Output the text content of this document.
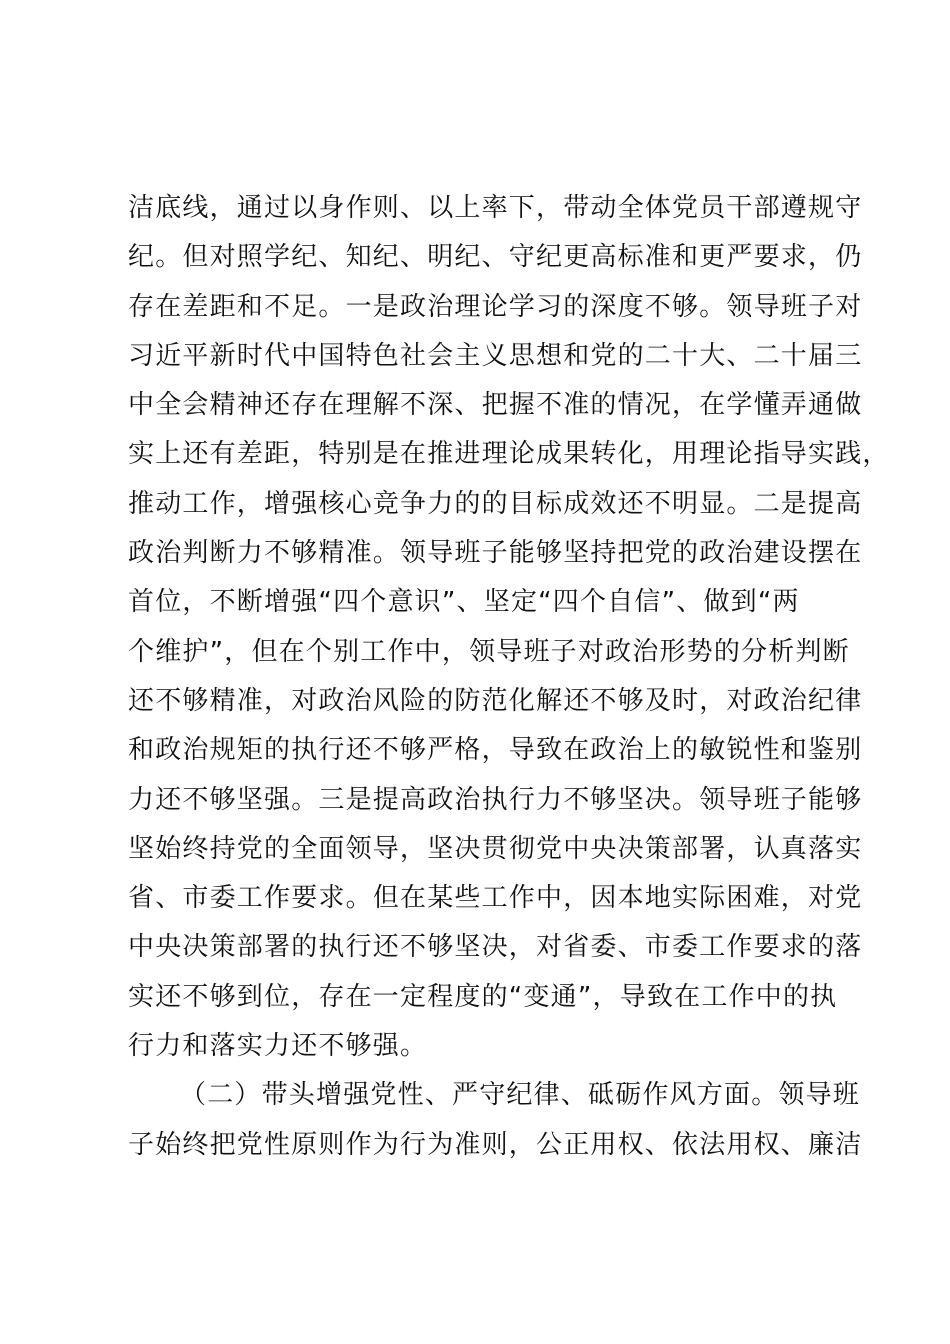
洁底线，通过以身作则、以上率下，带动全体党员干部遵规守
纪。但对照学纪、知纪、明纪、守纪更高标准和更严要求，仍
存在差距和不足。一是政治理论学习的深度不够。领导班子对
习近平新时代中国特色社会主义思想和党的二十大、二十届三
中全会精神还存在理解不深、把握不准的情况，在学懂弄通做
实上还有差距，特别是在推进理论成果转化，用理论指导实践，
推动工作，增强核心竞争力的的目标成效还不明显。二是提高
政治判断力不够精准。领导班子能够坚持把党的政治建设摆在
首位，不断增强“四个意识”、坚定“四个自信”、做到“两
个维护”，但在个别工作中，领导班子对政治形势的分析判断
还不够精准，对政治风险的防范化解还不够及时，对政治纪律
和政治规矩的执行还不够严格，导致在政治上的敏锐性和鉴别
力还不够坚强。三是提高政治执行力不够坚决。领导班子能够
坚始终持党的全面领导，坚决贯彻党中央决策部署，认真落实
省、市委工作要求。但在某些工作中，因本地实际困难，对党
中央决策部署的执行还不够坚决，对省委、市委工作要求的落
实还不够到位，存在一定程度的“变通”，导致在工作中的执
行力和落实力还不够强。
（二）带头增强党性、严守纪律、砥砺作风方面。领导班
子始终把党性原则作为行为准则，公正用权、依法用权、廉洁
